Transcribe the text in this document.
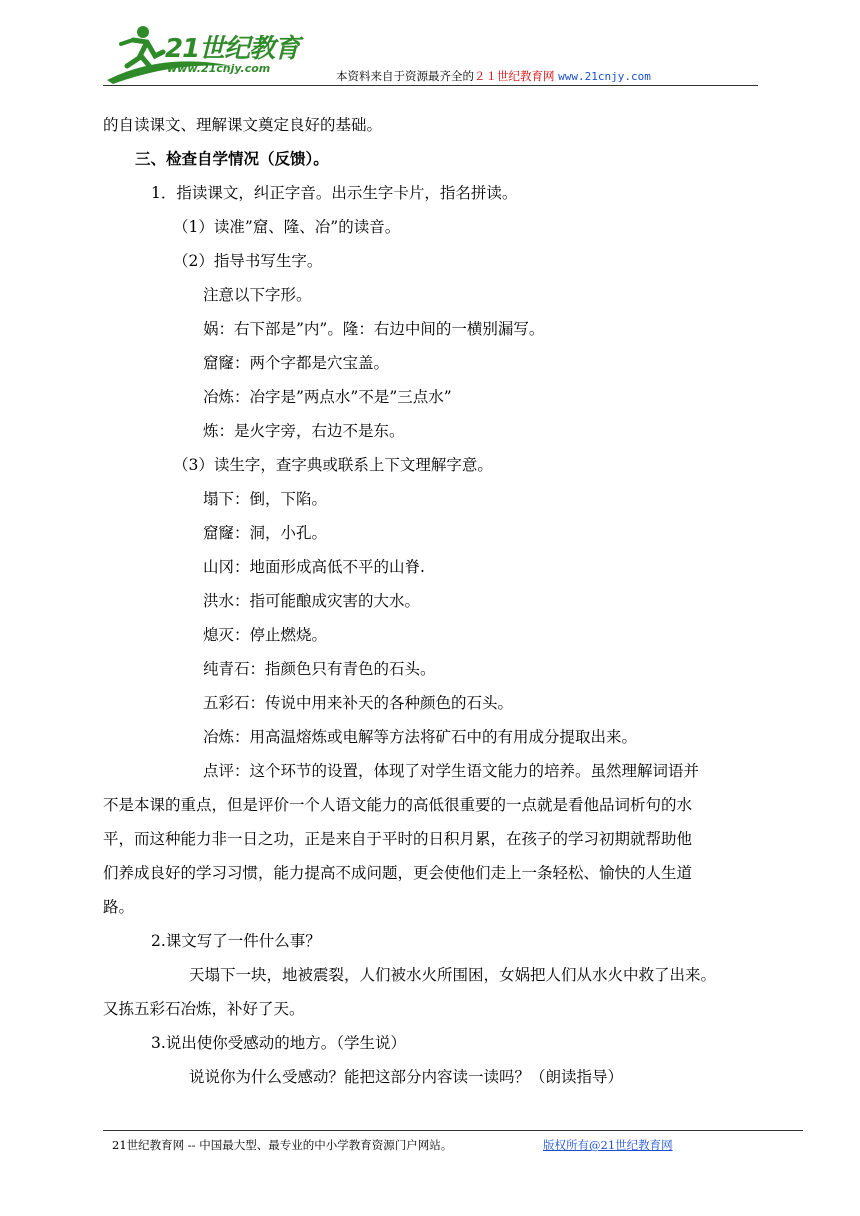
21世纪教育
www.21cnjy.com
本资料来自于资源最齐全的２１世纪教育网 www.21cnjy.com
的自读课文、理解课文奠定良好的基础。
三、检查自学情况（反馈）。
1．指读课文，纠正字音。出示生字卡片，指名拼读。
（1）读准”窟、隆、冶”的读音。
（2）指导书写生字。
注意以下字形。
娲：右下部是”内”。隆：右边中间的一横别漏写。
窟窿：两个字都是穴宝盖。
冶炼：冶字是”两点水”不是”三点水”
炼：是火字旁，右边不是东。
（3）读生字，查字典或联系上下文理解字意。
塌下：倒，下陷。
窟窿：洞，小孔。
山冈：地面形成高低不平的山脊.
洪水：指可能酿成灾害的大水。
熄灭：停止燃烧。
纯青石：指颜色只有青色的石头。
五彩石：传说中用来补天的各种颜色的石头。
冶炼：用高温熔炼或电解等方法将矿石中的有用成分提取出来。
点评：这个环节的设置，体现了对学生语文能力的培养。虽然理解词语并
不是本课的重点，但是评价一个人语文能力的高低很重要的一点就是看他品词析句的水
平，而这种能力非一日之功，正是来自于平时的日积月累，在孩子的学习初期就帮助他
们养成良好的学习习惯，能力提高不成问题，更会使他们走上一条轻松、愉快的人生道
路。
2.课文写了一件什么事？
天塌下一块，地被震裂，人们被水火所围困，女娲把人们从水火中救了出来。
又拣五彩石冶炼，补好了天。
3.说出使你受感动的地方。（学生说）
说说你为什么受感动？能把这部分内容读一读吗？（朗读指导）
21世纪教育网 -- 中国最大型、最专业的中小学教育资源门户网站。	版权所有@21世纪教育网
